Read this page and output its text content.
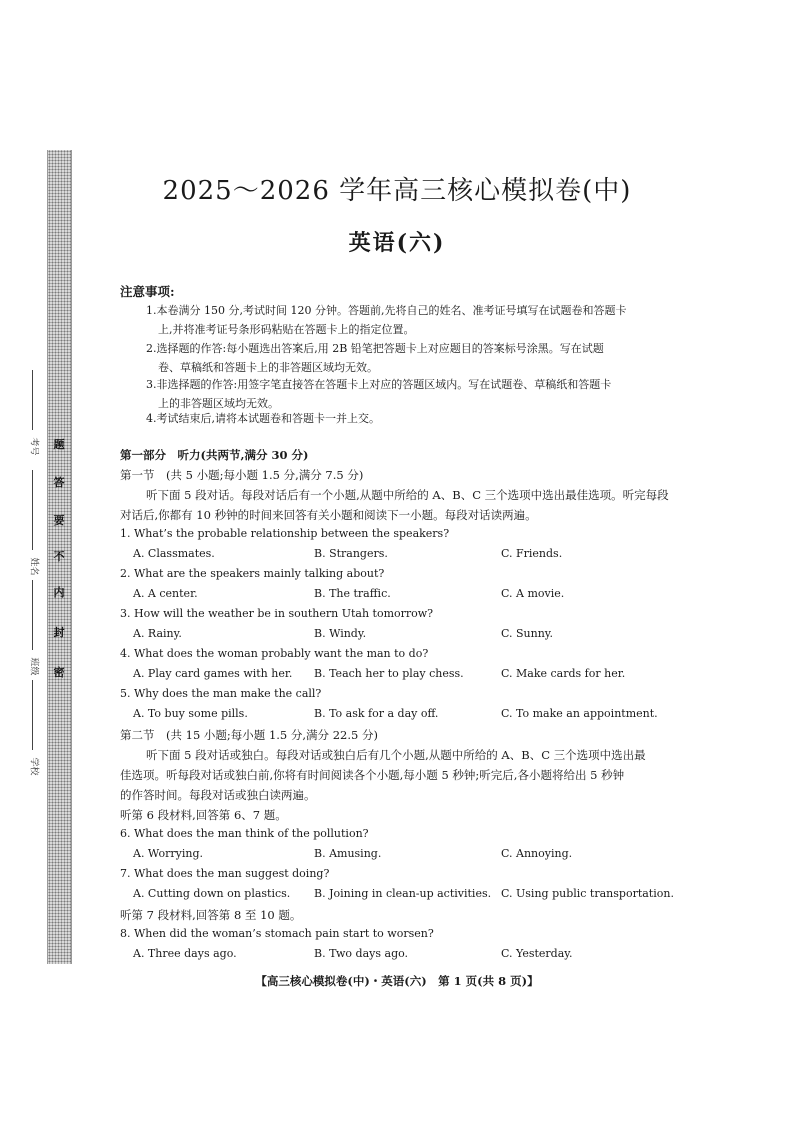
题
答
要
不
内
封
密
考号
姓名
班级
学校
2025～2026 学年高三核心模拟卷(中)
英语(六)
注意事项:
1.本卷满分 150 分,考试时间 120 分钟。答题前,先将自己的姓名、准考证号填写在试题卷和答题卡
上,并将准考证号条形码粘贴在答题卡上的指定位置。
2.选择题的作答:每小题选出答案后,用 2B 铅笔把答题卡上对应题目的答案标号涂黑。写在试题
卷、草稿纸和答题卡上的非答题区域均无效。
3.非选择题的作答:用签字笔直接答在答题卡上对应的答题区域内。写在试题卷、草稿纸和答题卡
上的非答题区域均无效。
4.考试结束后,请将本试题卷和答题卡一并上交。
第一部分　听力(共两节,满分 30 分)
第一节　(共 5 小题;每小题 1.5 分,满分 7.5 分)
听下面 5 段对话。每段对话后有一个小题,从题中所给的 A、B、C 三个选项中选出最佳选项。听完每段
对话后,你都有 10 秒钟的时间来回答有关小题和阅读下一小题。每段对话读两遍。
1. What’s the probable relationship between the speakers?
A. Classmates.	B. Strangers.	C. Friends.
2. What are the speakers mainly talking about?
A. A center.	B. The traffic.	C. A movie.
3. How will the weather be in southern Utah tomorrow?
A. Rainy.	B. Windy.	C. Sunny.
4. What does the woman probably want the man to do?
A. Play card games with her. B. Teach her to play chess.	C. Make cards for her.
5. Why does the man make the call?
A. To buy some pills.	B. To ask for a day off.	C. To make an appointment.
第二节　(共 15 小题;每小题 1.5 分,满分 22.5 分)
听下面 5 段对话或独白。每段对话或独白后有几个小题,从题中所给的 A、B、C 三个选项中选出最
佳选项。听每段对话或独白前,你将有时间阅读各个小题,每小题 5 秒钟;听完后,各小题将给出 5 秒钟
的作答时间。每段对话或独白读两遍。
听第 6 段材料,回答第 6、7 题。
6. What does the man think of the pollution?
A. Worrying.	B. Amusing.	C. Annoying.
7. What does the man suggest doing?
A. Cutting down on plastics. B. Joining in clean-up activities. C. Using public transportation.
听第 7 段材料,回答第 8 至 10 题。
8. When did the woman’s stomach pain start to worsen?
A. Three days ago.	B. Two days ago.	C. Yesterday.
【高三核心模拟卷(中)・英语(六)　第 1 页(共 8 页)】
